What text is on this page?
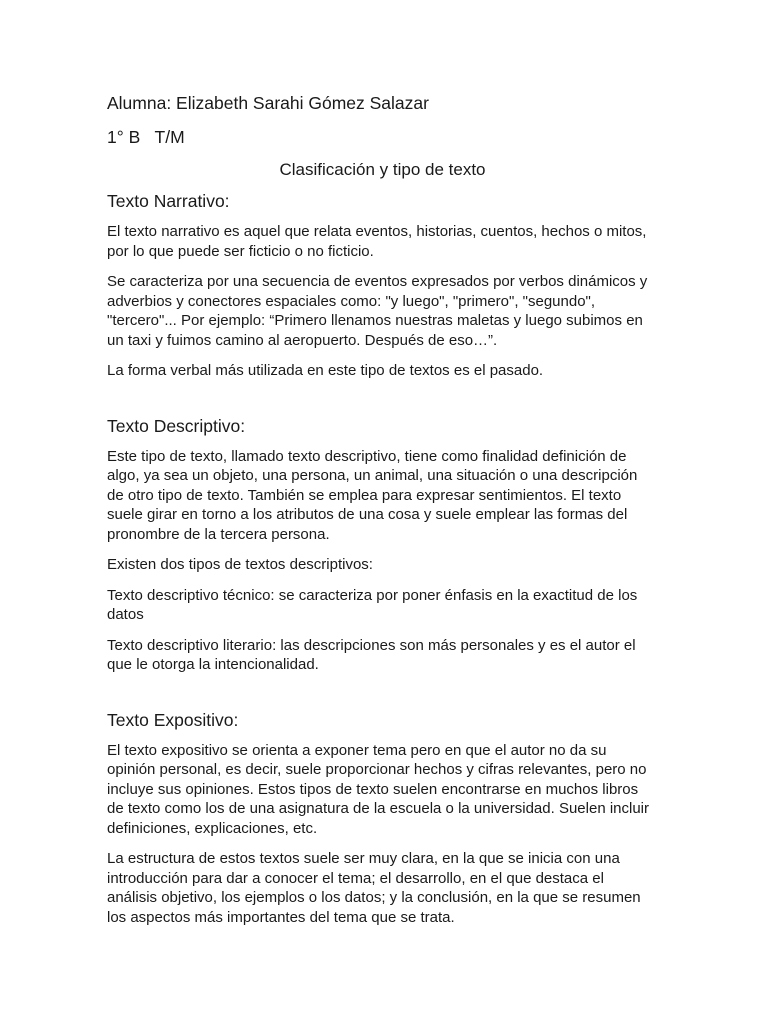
Alumna: Elizabeth Sarahi Gómez Salazar

1° B   T/M

Clasificación y tipo de texto

Texto Narrativo:

El texto narrativo es aquel que relata eventos, historias, cuentos, hechos o mitos, por lo que puede ser ficticio o no ficticio.

Se caracteriza por una secuencia de eventos expresados por verbos dinámicos y adverbios y conectores espaciales como: "y luego", "primero", "segundo", "tercero"... Por ejemplo: “Primero llenamos nuestras maletas y luego subimos en un taxi y fuimos camino al aeropuerto. Después de eso…”.

La forma verbal más utilizada en este tipo de textos es el pasado.

Texto Descriptivo:

Este tipo de texto, llamado texto descriptivo, tiene como finalidad definición de algo, ya sea un objeto, una persona, un animal, una situación o una descripción de otro tipo de texto. También se emplea para expresar sentimientos. El texto suele girar en torno a los atributos de una cosa y suele emplear las formas del pronombre de la tercera persona.

Existen dos tipos de textos descriptivos:

Texto descriptivo técnico: se caracteriza por poner énfasis en la exactitud de los datos

Texto descriptivo literario: las descripciones son más personales y es el autor el que le otorga la intencionalidad.

Texto Expositivo:

El texto expositivo se orienta a exponer tema pero en que el autor no da su opinión personal, es decir, suele proporcionar hechos y cifras relevantes, pero no incluye sus opiniones. Estos tipos de texto suelen encontrarse en muchos libros de texto como los de una asignatura de la escuela o la universidad. Suelen incluir definiciones, explicaciones, etc.

La estructura de estos textos suele ser muy clara, en la que se inicia con una introducción para dar a conocer el tema; el desarrollo, en el que destaca el análisis objetivo, los ejemplos o los datos; y la conclusión, en la que se resumen los aspectos más importantes del tema que se trata.
